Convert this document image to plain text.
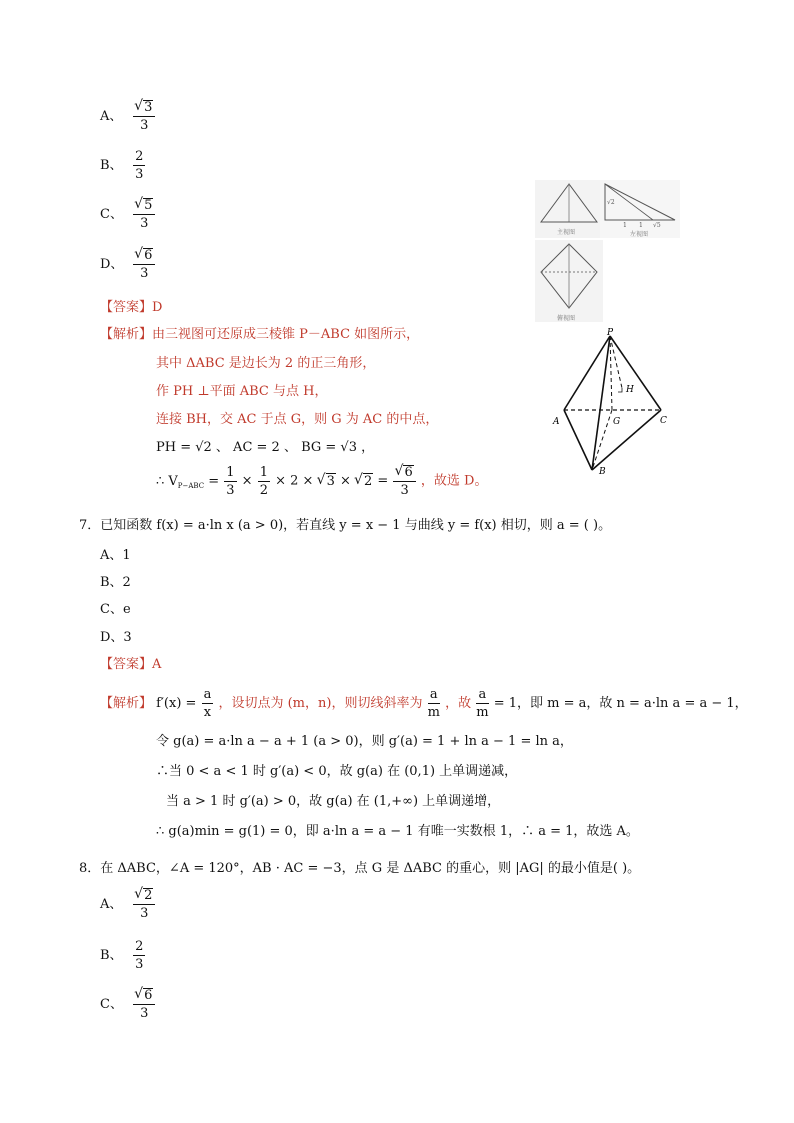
A、 √ $\frac{3}{3}$
B、 $\frac{2}{3}$
C、 √ $\frac{5}{3}$
D、 √ $\frac{6}{3}$
【答案】D
【解析】由三视图可还原成三棱锥 P－ABC 如图所示，
其中 ΔABC 是边长为 2 的正三角形，
作 PH ⊥平面 ABC 与点 H，
连接 BH，交 AC 于点 G，则 G 为 AC 的中点，
PH = √2 、 AC = 2 、 BG = √3 ，
∴ $V_{P-ABC} = \frac{1}{3} \times \frac{1}{2} \times 2$ × √ 3 × √ 2 = √ $\frac{6}{3}$ ，故选 D。
主视图
√2
1 1 √5
左视图
俯视图
P
A
B
C
G
H
7．已知函数 f(x) = a·ln x (a > 0)，若直线 y = x − 1 与曲线 y = f(x) 相切，则 a = ( )。
A、1
B、2
C、e
D、3
【答案】A
【解析】 $f'(x) = \frac{a}{x}$ ，设切点为 (m，n)，则切线斜率为 $\frac{a}{m}$ ，故 $\frac{a}{m} = 1$，即 m = a，故 n = a·ln a = a − 1，
令 g(a) = a·ln a − a + 1 (a > 0)，则 g′(a) = 1 + ln a − 1 = ln a，
∴当 0 < a < 1 时 g′(a) < 0，故 g(a) 在 (0,1) 上单调递减，
当 a > 1 时 g′(a) > 0，故 g(a) 在 (1,+∞) 上单调递增，
∴ g(a)min = g(1) = 0，即 a·ln a = a − 1 有唯一实数根 1，∴ a = 1，故选 A。
8．在 ΔABC，∠A = 120°，AB · AC = −3，点 G 是 ΔABC 的重心，则 |AG| 的最小值是( )。
A、 √ $\frac{2}{3}$
B、 $\frac{2}{3}$
C、 √ $\frac{6}{3}$
